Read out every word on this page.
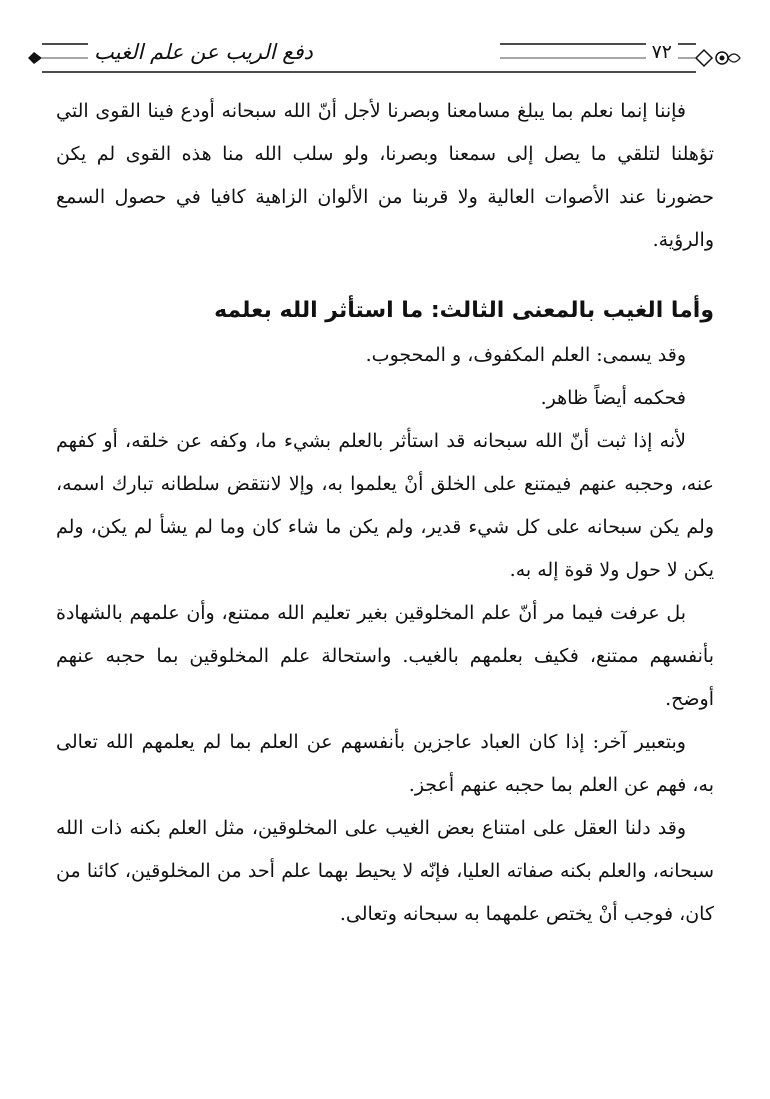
دفع الريب عن علم الغيب	٧٢

فإننا إنما نعلم بما يبلغ مسامعنا وبصرنا لأجل أنّ الله سبحانه أودع فينا القوى التي تؤهلنا لتلقي ما يصل إلى سمعنا وبصرنا، ولو سلب الله منا هذه القوى لم يكن حضورنا عند الأصوات العالية ولا قربنا من الألوان الزاهية كافيا في حصول السمع والرؤية.

وأما الغيب بالمعنى الثالث: ما استأثر الله بعلمه

وقد يسمى: العلم المكفوف، و المحجوب.

فحكمه أيضاً ظاهر.

لأنه إذا ثبت أنّ الله سبحانه قد استأثر بالعلم بشيء ما، وكفه عن خلقه، أو كفهم عنه، وحجبه عنهم فيمتنع على الخلق أنْ يعلموا به، وإلا لانتقض سلطانه تبارك اسمه، ولم يكن سبحانه على كل شيء قدير، ولم يكن ما شاء كان وما لم يشأ لم يكن، ولم يكن لا حول ولا قوة إله به.

بل عرفت فيما مر أنّ علم المخلوقين بغير تعليم الله ممتنع، وأن علمهم بالشهادة بأنفسهم ممتنع، فكيف بعلمهم بالغيب. واستحالة علم المخلوقين بما حجبه عنهم أوضح.

وبتعبير آخر: إذا كان العباد عاجزين بأنفسهم عن العلم بما لم يعلمهم الله تعالى به، فهم عن العلم بما حجبه عنهم أعجز.

وقد دلنا العقل على امتناع بعض الغيب على المخلوقين، مثل العلم بكنه ذات الله سبحانه، والعلم بكنه صفاته العليا، فإنّه لا يحيط بهما علم أحد من المخلوقين، كائنا من كان، فوجب أنْ يختص علمهما به سبحانه وتعالى.
